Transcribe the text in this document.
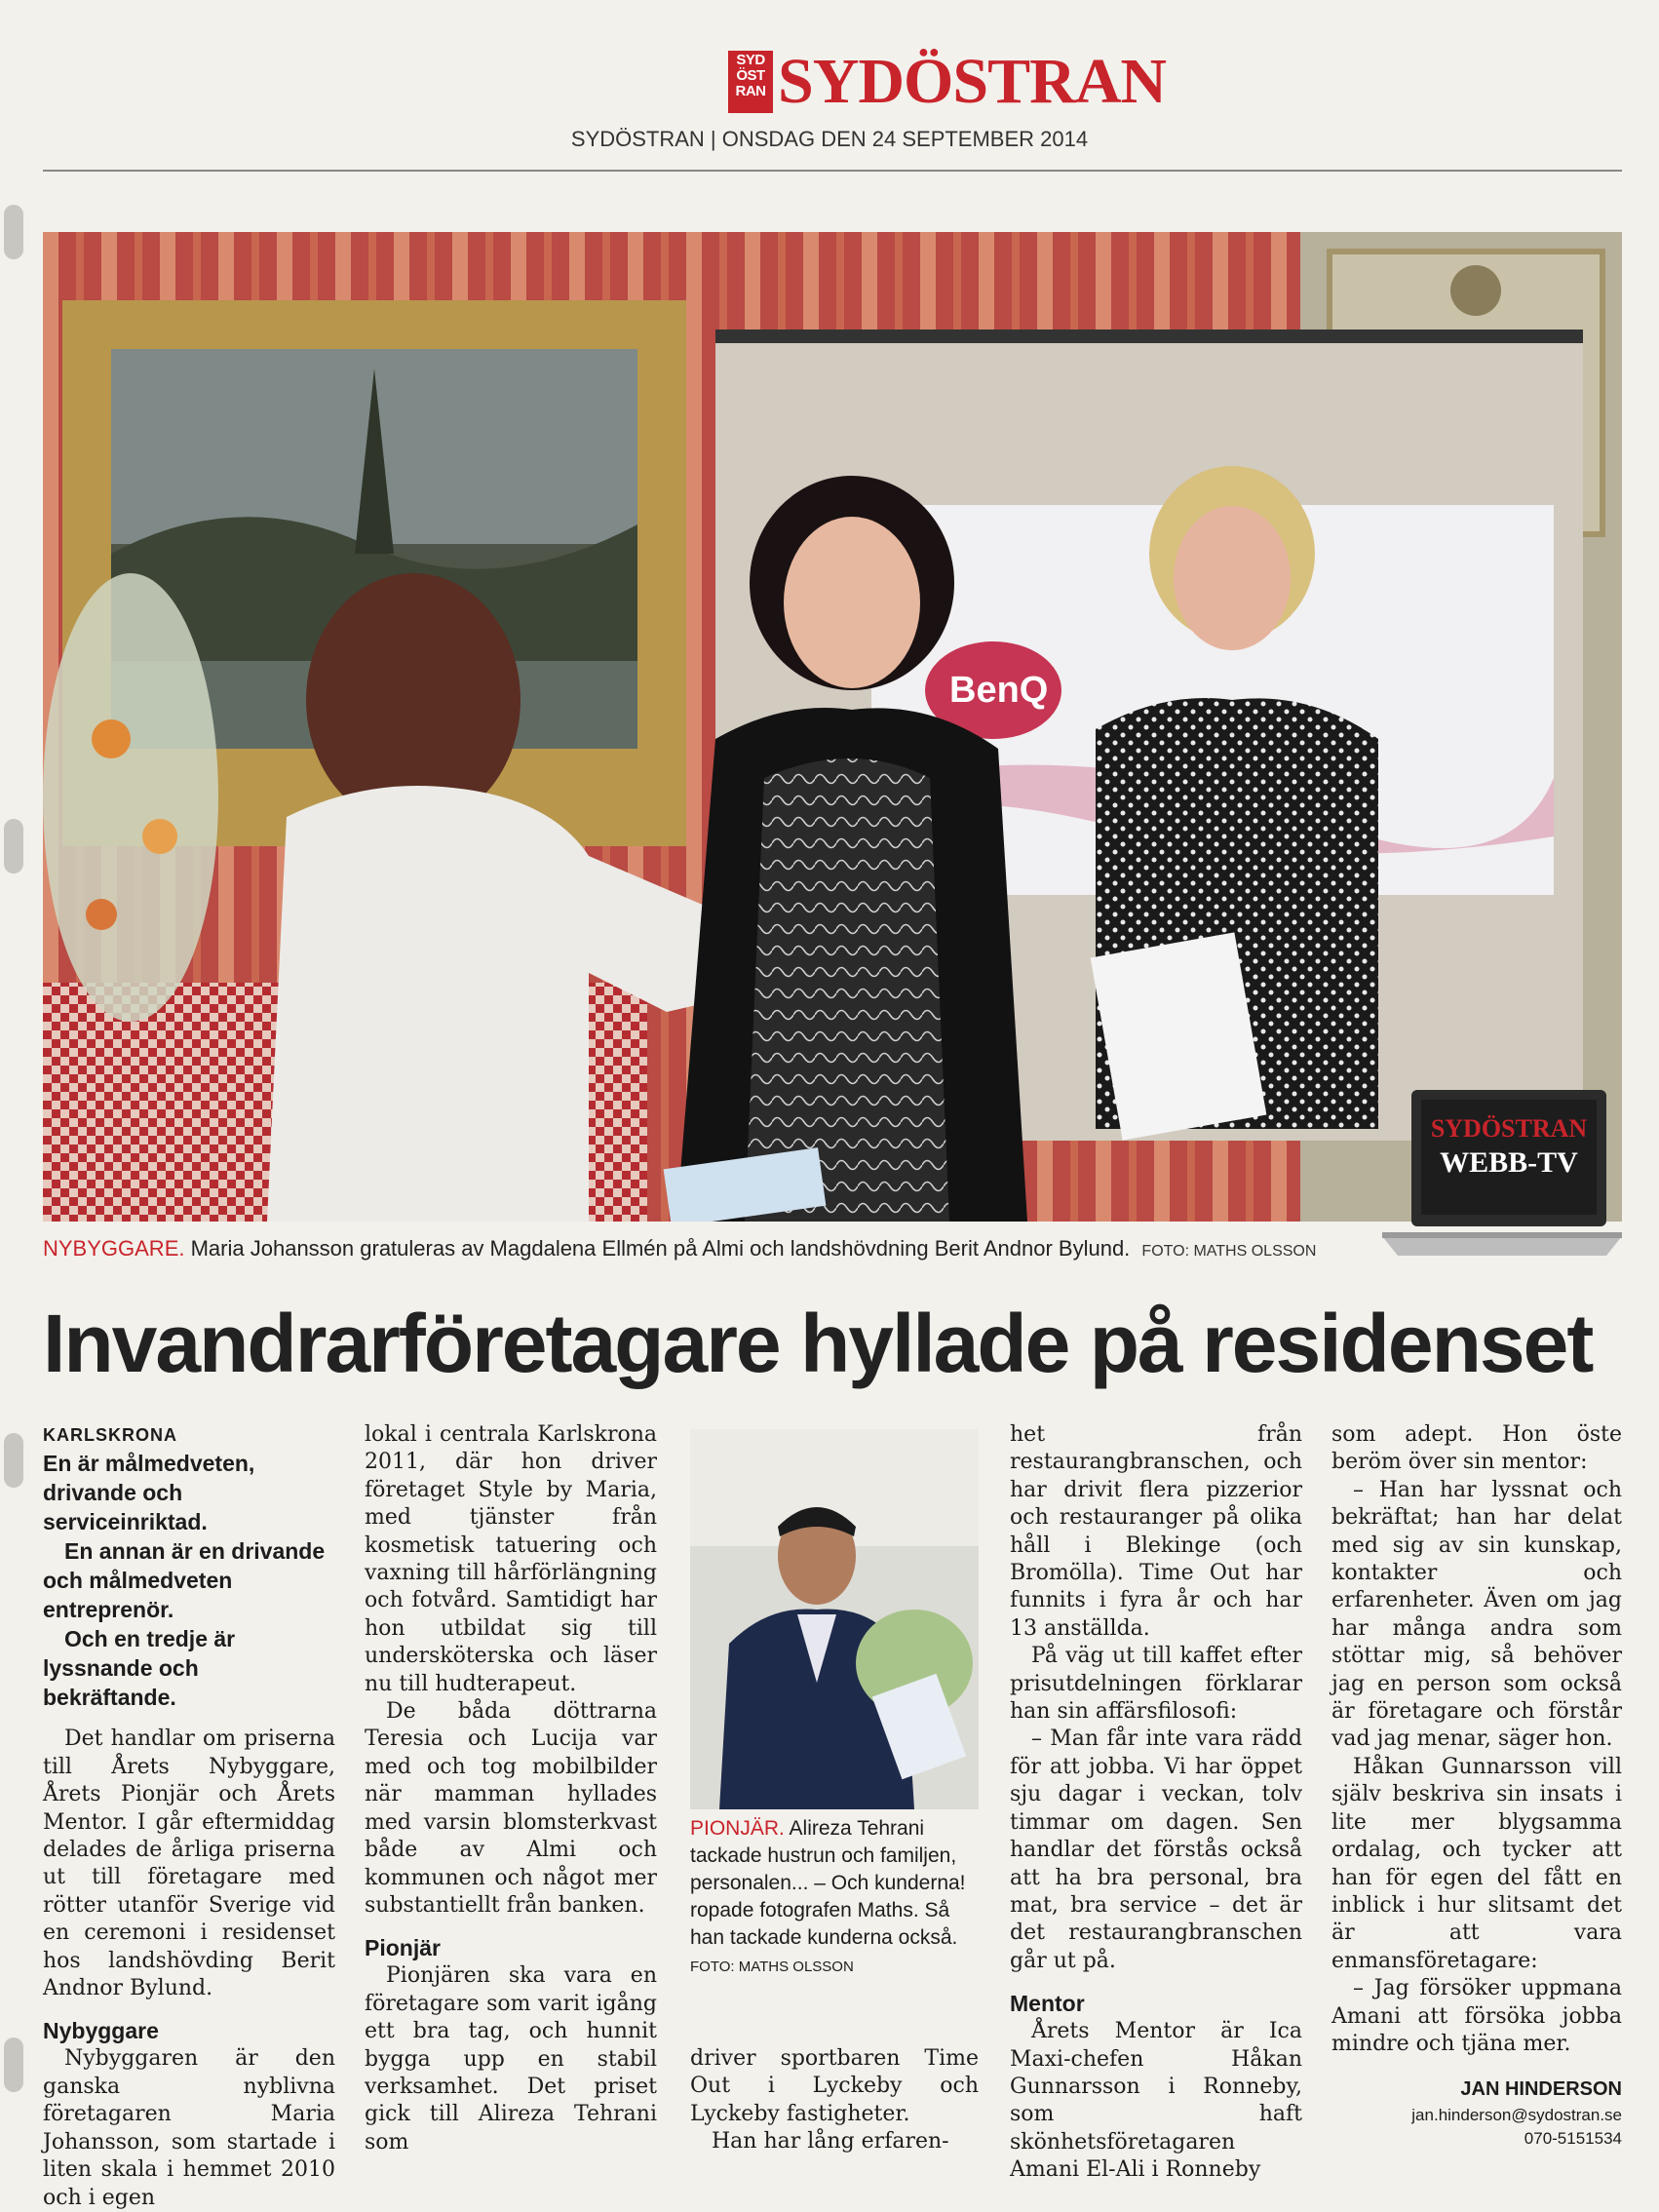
SYD
ÖST
RAN SYDÖSTRAN
SYDÖSTRAN | ONSDAG DEN 24 SEPTEMBER 2014
BenQ
SYDÖSTRAN
WEBB-TV
NYBYGGARE. Maria Johansson gratuleras av Magdalena Ellmén på Almi och landshövdning Berit Andnor Bylund. FOTO: MATHS OLSSON
Invandrarföretagare hyllade på residenset
KARLSKRONA
En är målmedveten, drivande och serviceinriktad.
En annan är en drivande och målmedveten entreprenör.
Och en tredje är lyssnande och bekräftande.

Det handlar om priserna till Årets Nybyggare, Årets Pionjär och Årets Mentor. I går eftermiddag delades de årliga priserna ut till företagare med rötter utanför Sverige vid en ceremoni i residenset hos landshövding Berit Andnor Bylund.

Nybyggare

Nybyggaren är den ganska nyblivna företagaren Maria Johansson, som startade i liten skala i hemmet 2010 och i egen

lokal i centrala Karlskrona 2011, där hon driver företaget Style by Maria, med tjänster från kosmetisk tatuering och vaxning till hårförlängning och fotvård. Samtidigt har hon utbildat sig till undersköterska och läser nu till hudterapeut.

De båda döttrarna Teresia och Lucija var med och tog mobilbilder när mamman hyllades med varsin blomsterkvast både av Almi och kommunen och något mer substantiellt från banken.

Pionjär

Pionjären ska vara en företagare som varit igång ett bra tag, och hunnit bygga upp en stabil verksamhet. Det priset gick till Alireza Tehrani som

PIONJÄR. Alireza Tehrani tackade hustrun och familjen, personalen... – Och kunderna! ropade fotografen Maths. Så han tackade kunderna också. FOTO: MATHS OLSSON

driver sportbaren Time Out i Lyckeby och Lyckeby fastigheter.

Han har lång erfaren-

het från restaurangbranschen, och har drivit flera pizzerior och restauranger på olika håll i Blekinge (och Bromölla). Time Out har funnits i fyra år och har 13 anställda.

På väg ut till kaffet efter prisutdelningen förklarar han sin affärsfilosofi:

– Man får inte vara rädd för att jobba. Vi har öppet sju dagar i veckan, tolv timmar om dagen. Sen handlar det förstås också att ha bra personal, bra mat, bra service – det är det restaurangbranschen går ut på.

Mentor

Årets Mentor är Ica Maxi-chefen Håkan Gunnarsson i Ronneby, som haft skönhetsföretagaren Amani El-Ali i Ronneby

som adept. Hon öste beröm över sin mentor:

– Han har lyssnat och bekräftat; han har delat med sig av sin kunskap, kontakter och erfarenheter. Även om jag har många andra som stöttar mig, så behöver jag en person som också är företagare och förstår vad jag menar, säger hon.

Håkan Gunnarsson vill själv beskriva sin insats i lite mer blygsamma ordalag, och tycker att han för egen del fått en inblick i hur slitsamt det är att vara enmansföretagare:

– Jag försöker uppmana Amani att försöka jobba mindre och tjäna mer.

JAN HINDERSON
jan.hinderson@sydostran.se
070-5151534
